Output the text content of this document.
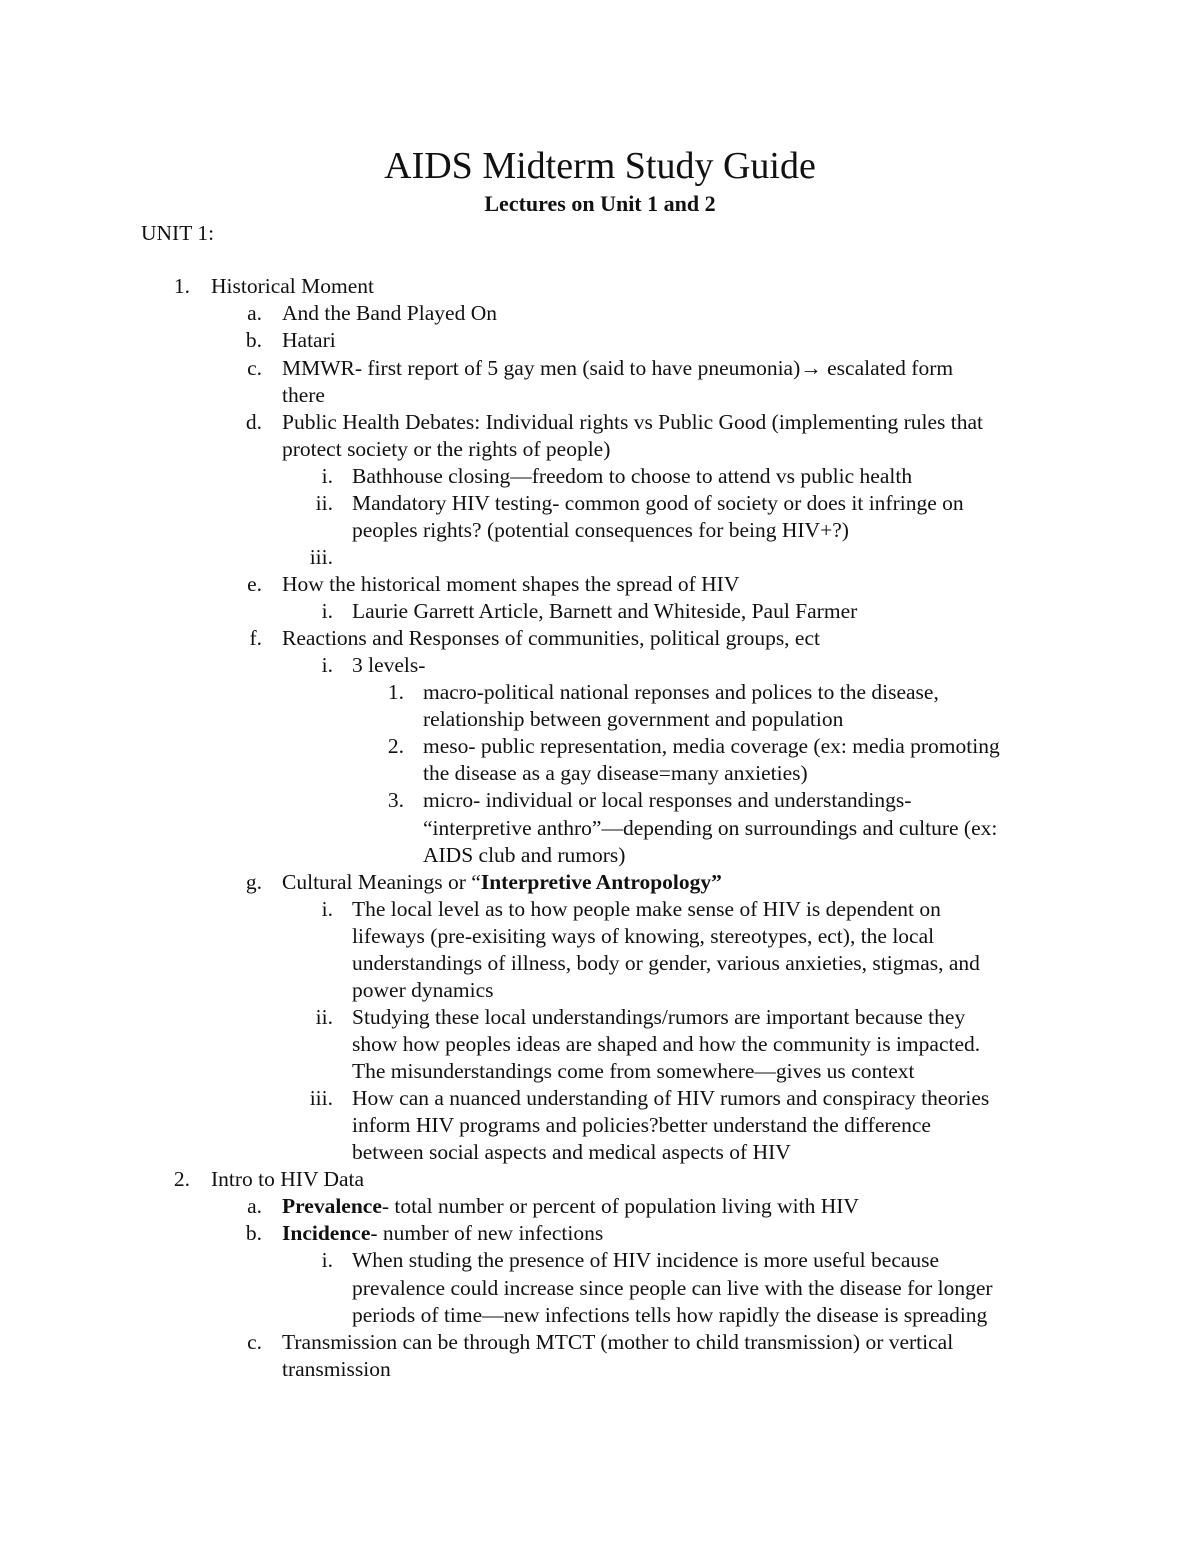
AIDS Midterm Study Guide
Lectures on Unit 1 and 2
UNIT 1:
1. Historical Moment
a. And the Band Played On
b. Hatari
c. MMWR- first report of 5 gay men (said to have pneumonia)→ escalated form
there
d. Public Health Debates: Individual rights vs Public Good (implementing rules that
protect society or the rights of people)
i. Bathhouse closing—freedom to choose to attend vs public health
ii. Mandatory HIV testing- common good of society or does it infringe on
peoples rights? (potential consequences for being HIV+?)
iii.
e. How the historical moment shapes the spread of HIV
i. Laurie Garrett Article, Barnett and Whiteside, Paul Farmer
f. Reactions and Responses of communities, political groups, ect
i. 3 levels-
1. macro-political national reponses and polices to the disease,
relationship between government and population
2. meso- public representation, media coverage (ex: media promoting
the disease as a gay disease=many anxieties)
3. micro- individual or local responses and understandings-
“interpretive anthro”—depending on surroundings and culture (ex:
AIDS club and rumors)
g. Cultural Meanings or “Interpretive Antropology”
i. The local level as to how people make sense of HIV is dependent on
lifeways (pre-exisiting ways of knowing, stereotypes, ect), the local
understandings of illness, body or gender, various anxieties, stigmas, and
power dynamics
ii. Studying these local understandings/rumors are important because they
show how peoples ideas are shaped and how the community is impacted.
The misunderstandings come from somewhere—gives us context
iii. How can a nuanced understanding of HIV rumors and conspiracy theories
inform HIV programs and policies?better understand the difference
between social aspects and medical aspects of HIV
2. Intro to HIV Data
a. Prevalence- total number or percent of population living with HIV
b. Incidence- number of new infections
i. When studing the presence of HIV incidence is more useful because
prevalence could increase since people can live with the disease for longer
periods of time—new infections tells how rapidly the disease is spreading
c. Transmission can be through MTCT (mother to child transmission) or vertical
transmission
